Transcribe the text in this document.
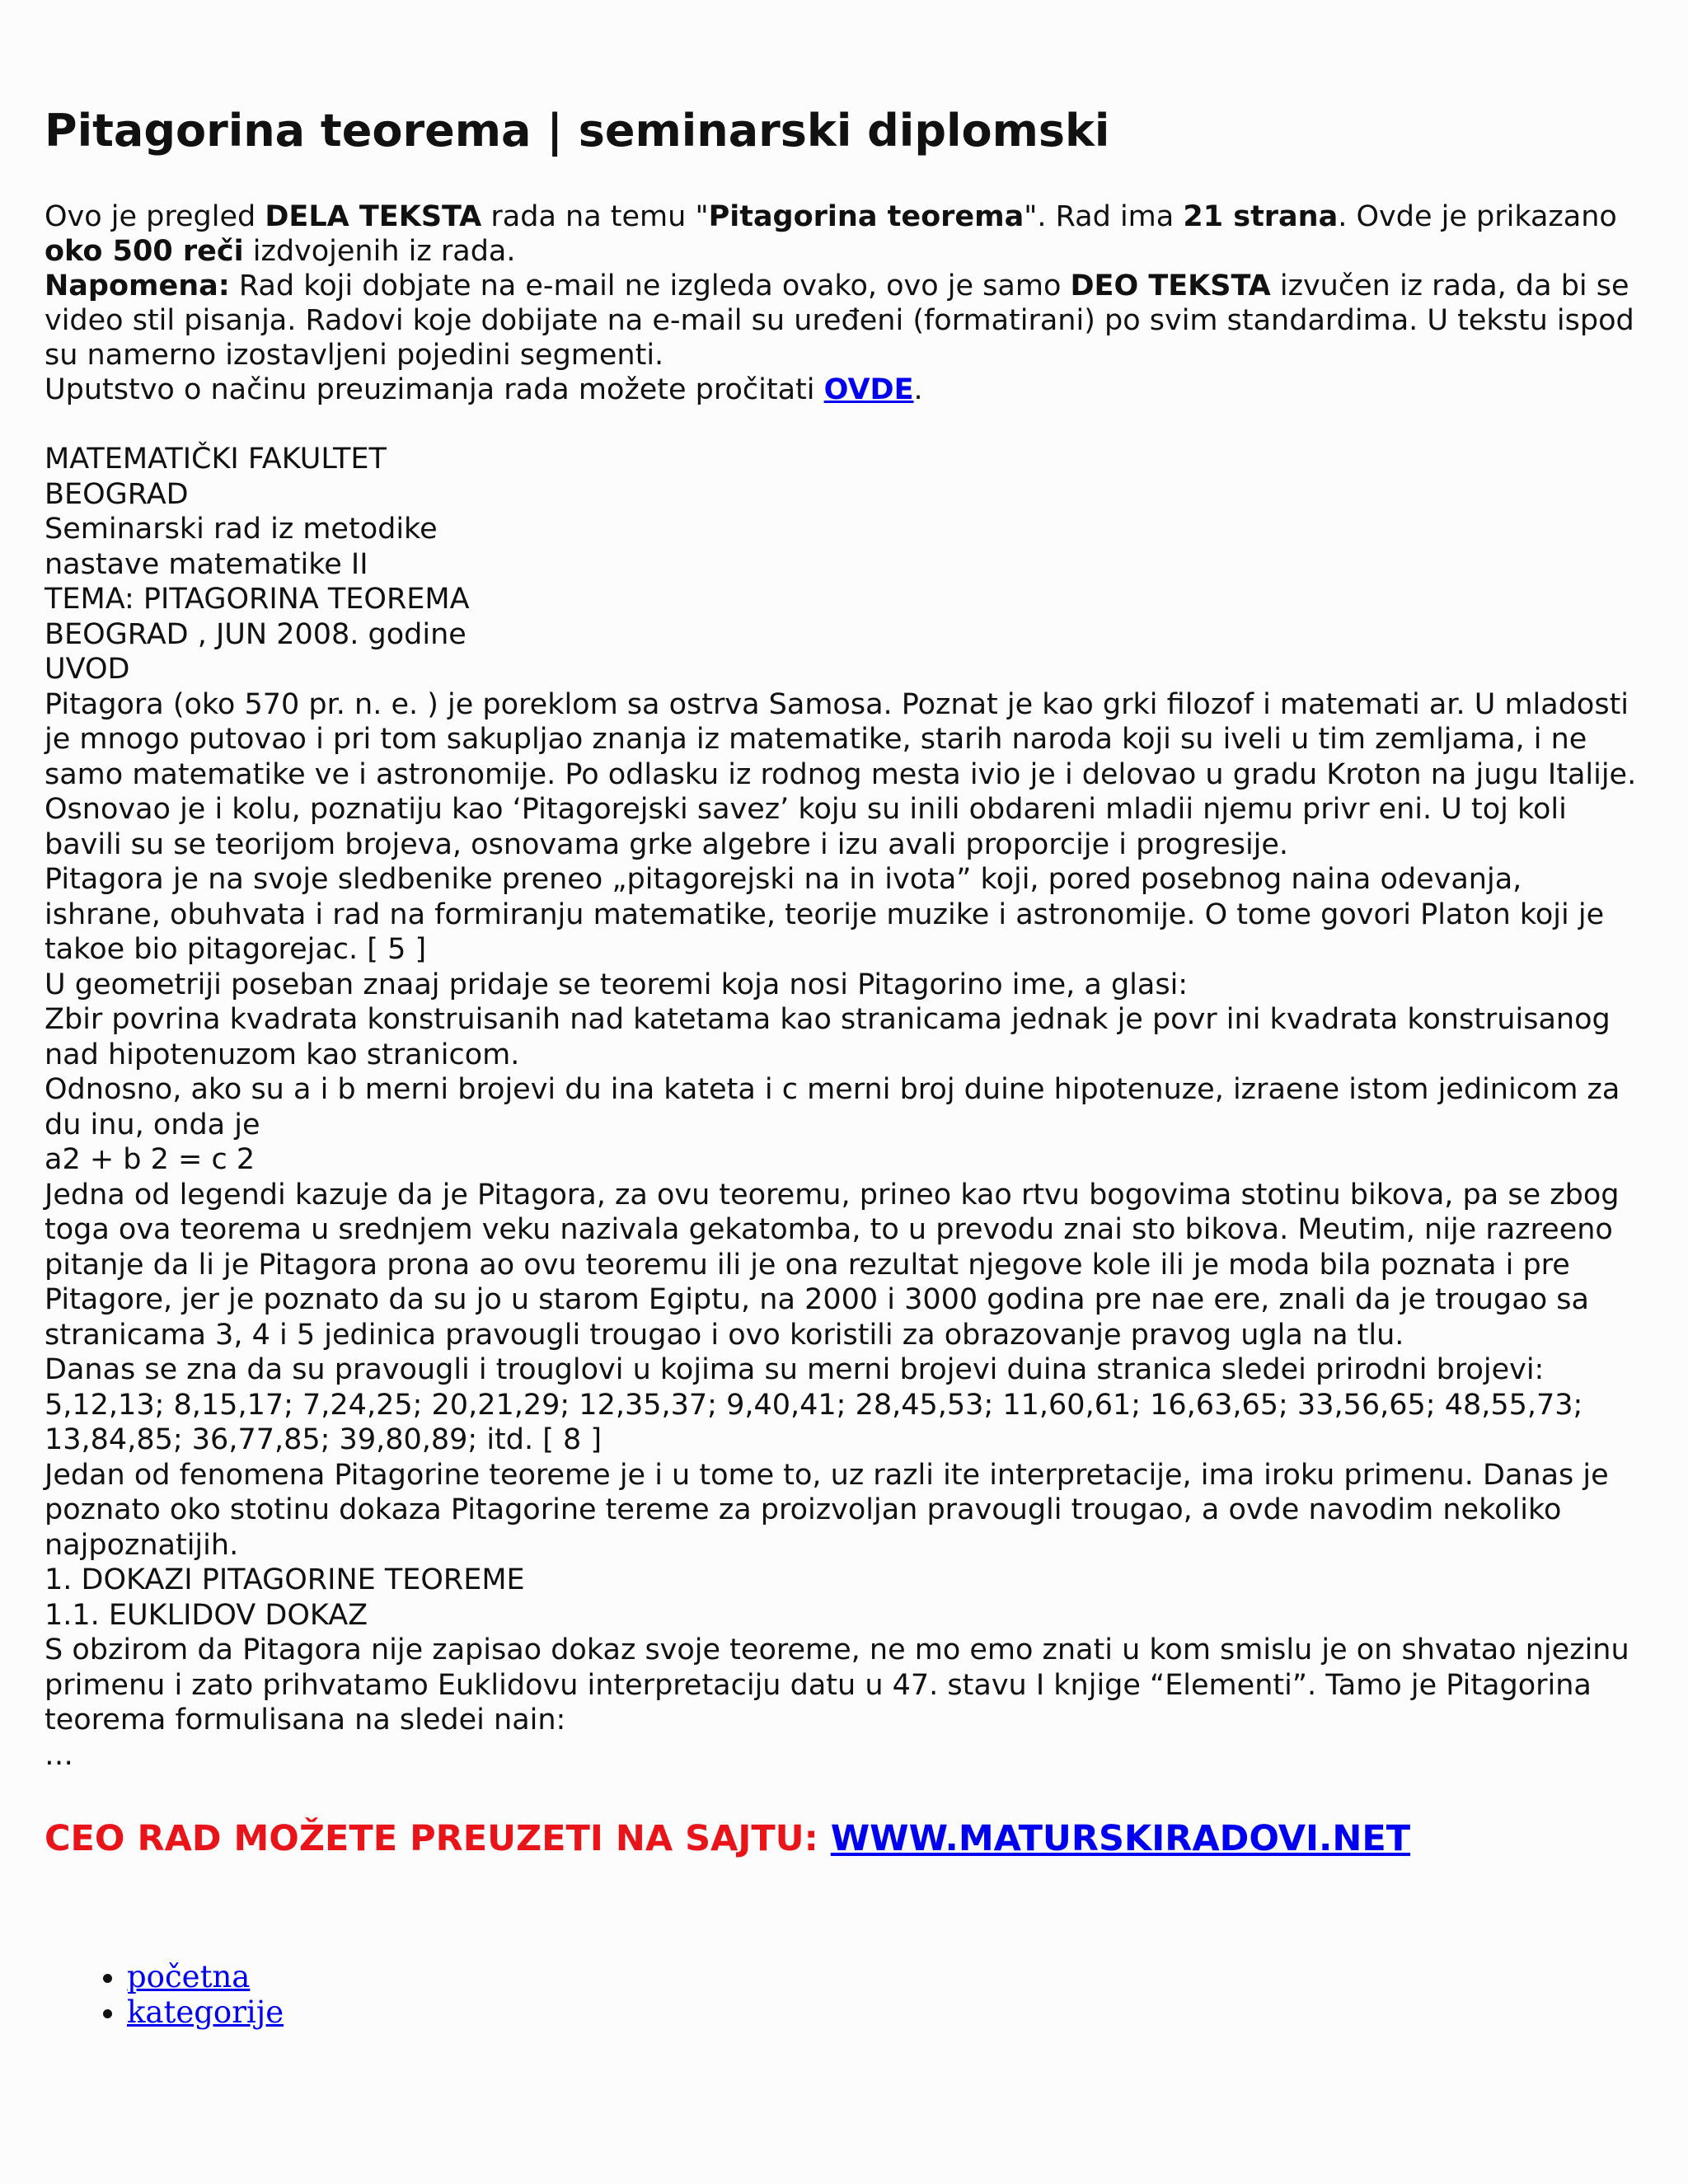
Pitagorina teorema | seminarski diplomski
Ovo je pregled DELA TEKSTA rada na temu "Pitagorina teorema". Rad ima 21 strana. Ovde je prikazano oko 500 reči izdvojenih iz rada.
Napomena: Rad koji dobjate na e-mail ne izgleda ovako, ovo je samo DEO TEKSTA izvučen iz rada, da bi se video stil pisanja. Radovi koje dobijate na e-mail su uređeni (formatirani) po svim standardima. U tekstu ispod su namerno izostavljeni pojedini segmenti.
Uputstvo o načinu preuzimanja rada možete pročitati OVDE.
MATEMATIČKI FAKULTET
BEOGRAD
Seminarski rad iz metodike
nastave matematike II
TEMA: PITAGORINA TEOREMA
BEOGRAD , JUN 2008. godine
UVOD
Pitagora (oko 570 pr. n. e. ) je poreklom sa ostrva Samosa. Poznat je kao grki filozof i matemati ar. U mladosti je mnogo putovao i pri tom sakupljao znanja iz matematike, starih naroda koji su iveli u tim zemljama, i ne samo matematike ve i astronomije. Po odlasku iz rodnog mesta ivio je i delovao u gradu Kroton na jugu Italije. Osnovao je i kolu, poznatiju kao ‘Pitagorejski savez’ koju su inili obdareni mladii njemu privr eni. U toj koli bavili su se teorijom brojeva, osnovama grke algebre i izu avali proporcije i progresije.
Pitagora je na svoje sledbenike preneo „pitagorejski na in ivota” koji, pored posebnog naina odevanja, ishrane, obuhvata i rad na formiranju matematike, teorije muzike i astronomije. O tome govori Platon koji je takoe bio pitagorejac. [ 5 ]
U geometriji poseban znaaj pridaje se teoremi koja nosi Pitagorino ime, a glasi:
Zbir povrina kvadrata konstruisanih nad katetama kao stranicama jednak je povr ini kvadrata konstruisanog nad hipotenuzom kao stranicom.
Odnosno, ako su a i b merni brojevi du ina kateta i c merni broj duine hipotenuze, izraene istom jedinicom za du inu, onda je
a2 + b 2 = c 2
Jedna od legendi kazuje da je Pitagora, za ovu teoremu, prineo kao rtvu bogovima stotinu bikova, pa se zbog toga ova teorema u srednjem veku nazivala gekatomba, to u prevodu znai sto bikova. Meutim, nije razreeno pitanje da li je Pitagora prona ao ovu teoremu ili je ona rezultat njegove kole ili je moda bila poznata i pre Pitagore, jer je poznato da su jo u starom Egiptu, na 2000 i 3000 godina pre nae ere, znali da je trougao sa stranicama 3, 4 i 5 jedinica pravougli trougao i ovo koristili za obrazovanje pravog ugla na tlu.
Danas se zna da su pravougli i trouglovi u kojima su merni brojevi duina stranica sledei prirodni brojevi: 5,12,13; 8,15,17; 7,24,25; 20,21,29; 12,35,37; 9,40,41; 28,45,53; 11,60,61; 16,63,65; 33,56,65; 48,55,73; 13,84,85; 36,77,85; 39,80,89; itd. [ 8 ]
Jedan od fenomena Pitagorine teoreme je i u tome to, uz razli ite interpretacije, ima iroku primenu. Danas je poznato oko stotinu dokaza Pitagorine tereme za proizvoljan pravougli trougao, a ovde navodim nekoliko najpoznatijih.
1. DOKAZI PITAGORINE TEOREME
1.1. EUKLIDOV DOKAZ
S obzirom da Pitagora nije zapisao dokaz svoje teoreme, ne mo emo znati u kom smislu je on shvatao njezinu primenu i zato prihvatamo Euklidovu interpretaciju datu u 47. stavu I knjige “Elementi”. Tamo je Pitagorina teorema formulisana na sledei nain:
…
CEO RAD MOŽETE PREUZETI NA SAJTU: WWW.MATURSKIRADOVI.NET
• početna
• kategorije
